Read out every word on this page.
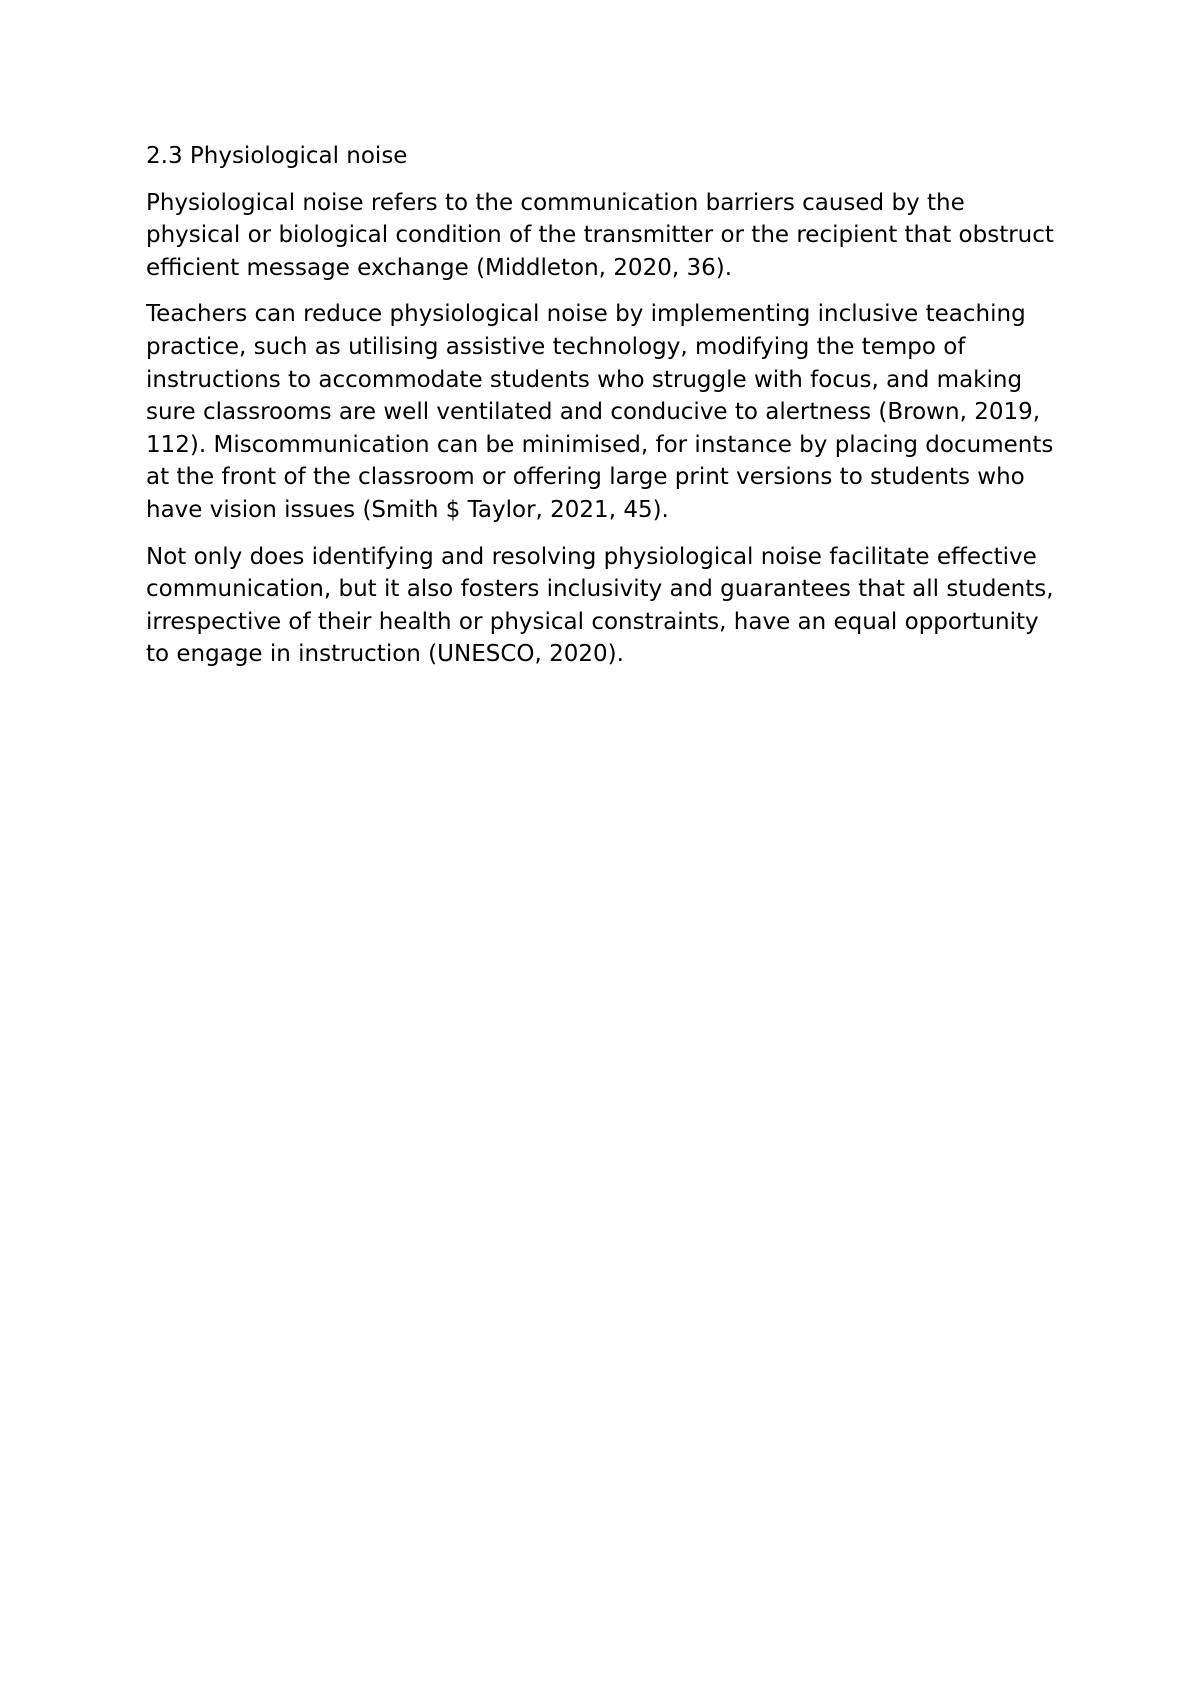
2.3 Physiological noise

Physiological noise refers to the communication barriers caused by the physical or biological condition of the transmitter or the recipient that obstruct efficient message exchange (Middleton, 2020, 36).

Teachers can reduce physiological noise by implementing inclusive teaching practice, such as utilising assistive technology, modifying the tempo of instructions to accommodate students who struggle with focus, and making sure classrooms are well ventilated and conducive to alertness (Brown, 2019, 112). Miscommunication can be minimised, for instance by placing documents at the front of the classroom or offering large print versions to students who have vision issues (Smith $ Taylor, 2021, 45).

Not only does identifying and resolving physiological noise facilitate effective communication, but it also fosters inclusivity and guarantees that all students, irrespective of their health or physical constraints, have an equal opportunity to engage in instruction (UNESCO, 2020).
